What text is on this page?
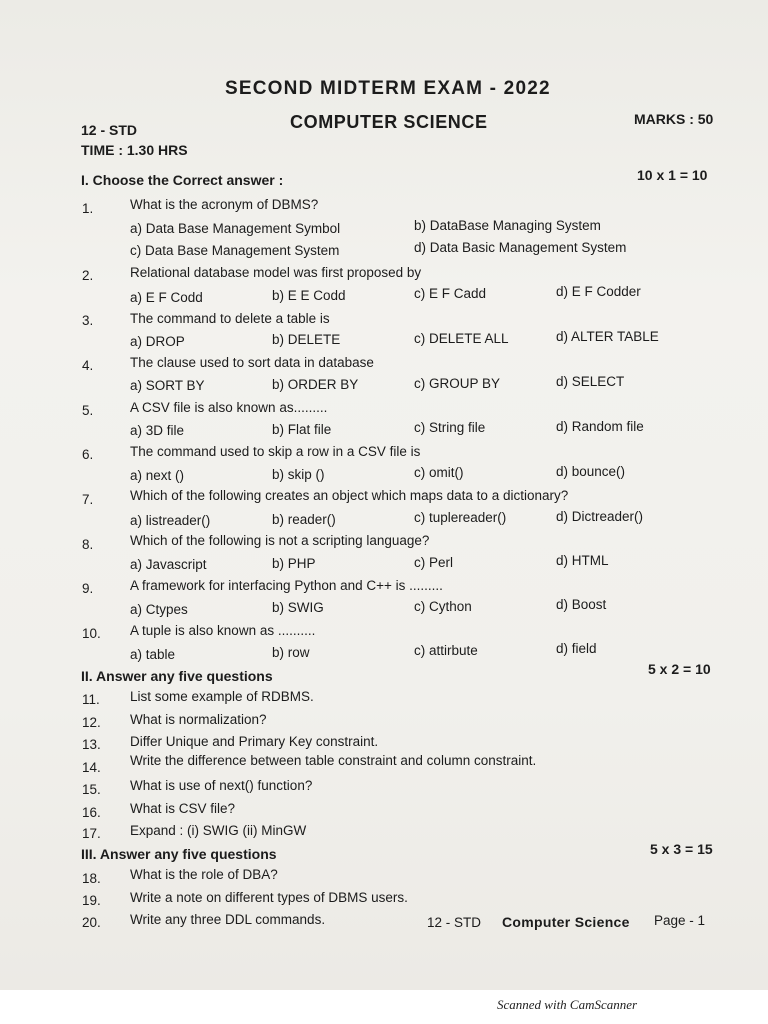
SECOND MIDTERM EXAM - 2022
12 - STD	COMPUTER SCIENCE	MARKS : 50
TIME : 1.30 HRS
I. Choose the Correct answer :	10 x 1 = 10
1.	What is the acronym of DBMS?
a) Data Base Management Symbol	b) DataBase Managing System
c) Data Base Management System	d) Data Basic Management System
2.	Relational database model was first proposed by
a) E F Codd	b) E E Codd	c) E F Cadd	d) E F Codder
3.	The command to delete a table is
a) DROP	b) DELETE	c) DELETE ALL	d) ALTER TABLE
4.	The clause used to sort data in database
a) SORT BY	b) ORDER BY	c) GROUP BY	d) SELECT
5.	A CSV file is also known as.........
a) 3D file	b) Flat file	c) String file	d) Random file
6.	The command used to skip a row in a CSV file is
a) next ()	b) skip ()	c) omit()	d) bounce()
7.	Which of the following creates an object which maps data to a dictionary?
a) listreader()	b) reader()	c) tuplereader()	d) Dictreader()
8.	Which of the following is not a scripting language?
a) Javascript	b) PHP	c) Perl	d) HTML
9.	A framework for interfacing Python and C++ is .........
a) Ctypes	b) SWIG	c) Cython	d) Boost
10. A tuple is also known as ..........
a) table	b) row	c) attirbute	d) field
II. Answer any five questions	5 x 2 = 10
11. List some example of RDBMS.
12. What is normalization?
13. Differ Unique and Primary Key constraint.
14. Write the difference between table constraint and column constraint.
15. What is use of next() function?
16. What is CSV file?
17. Expand : (i) SWIG (ii) MinGW
III. Answer any five questions	5 x 3 = 15
18. What is the role of DBA?
19. Write a note on different types of DBMS users.
20. Write any three DDL commands.	12 - STD Computer Science Page - 1
Scanned with CamScanner
